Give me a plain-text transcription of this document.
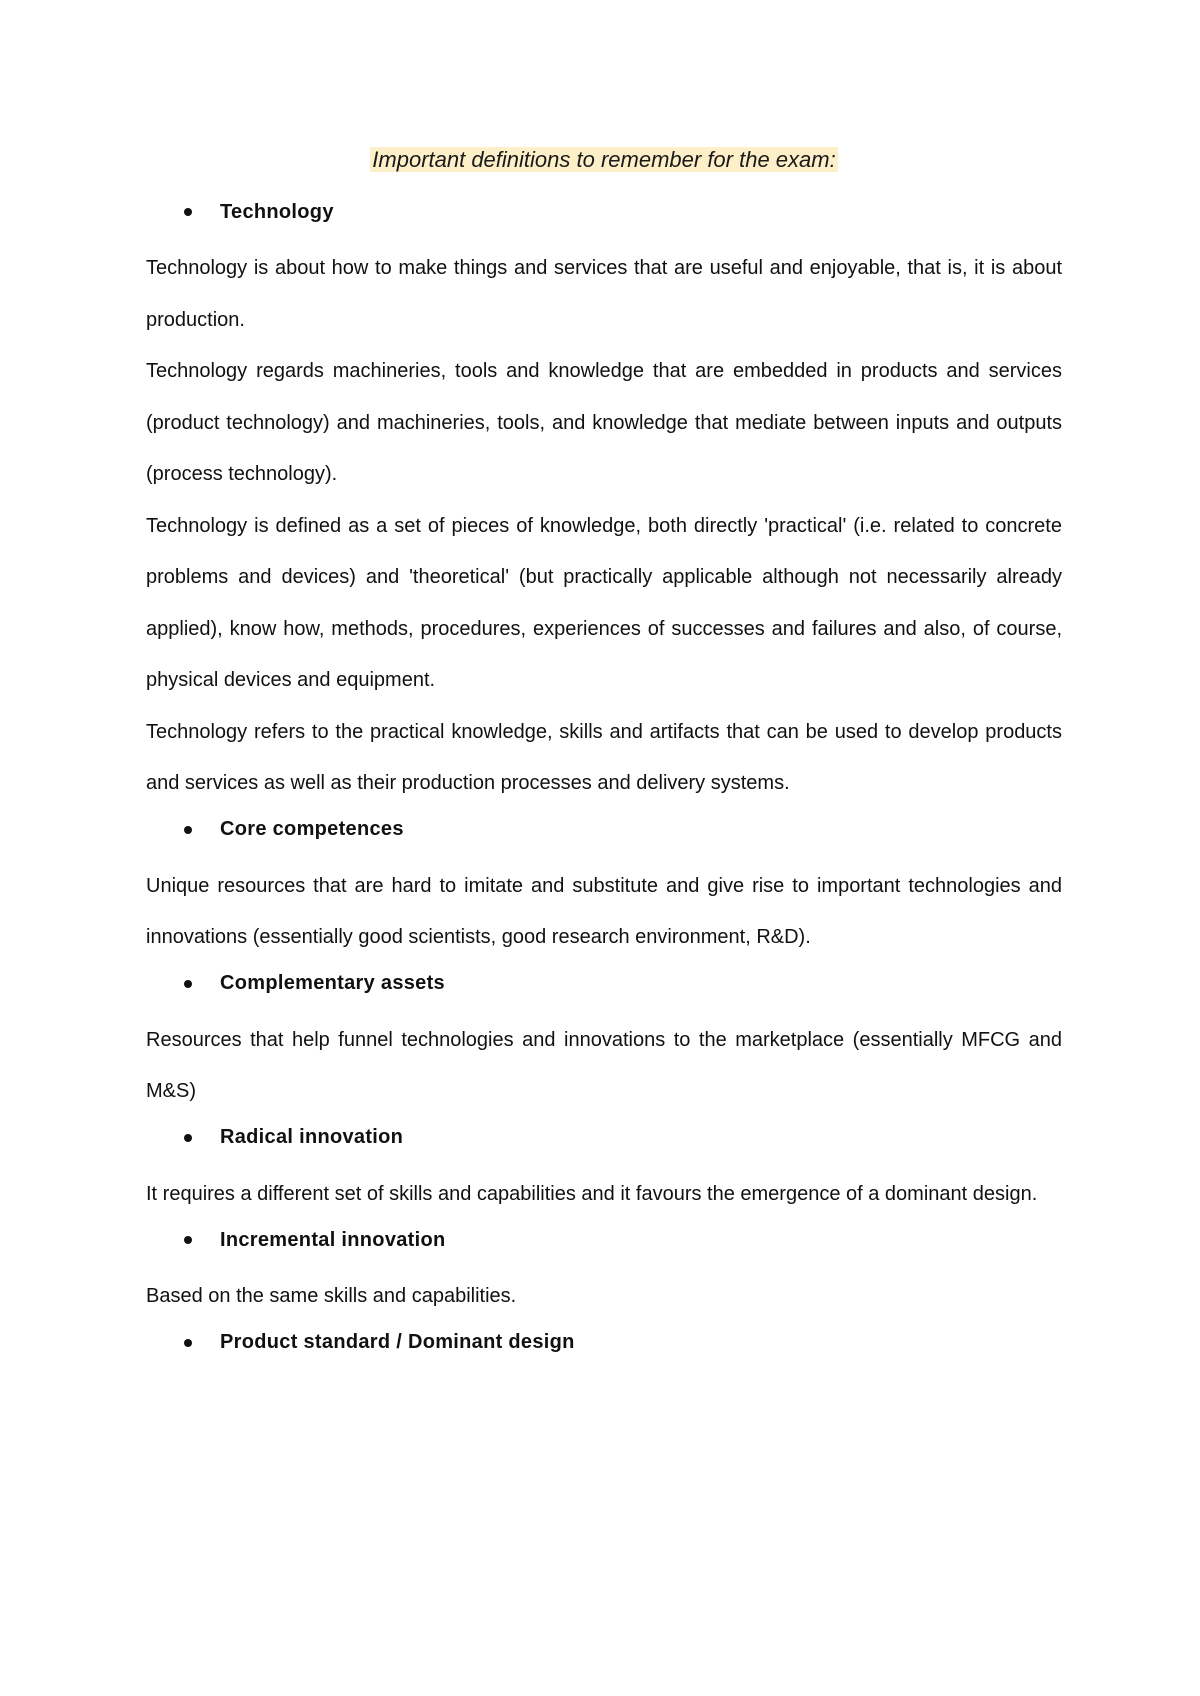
Important definitions to remember for the exam:
Technology

Technology is about how to make things and services that are useful and enjoyable, that is, it is about production.

Technology regards machineries, tools and knowledge that are embedded in products and services (product technology) and machineries, tools, and knowledge that mediate between inputs and outputs (process technology).

Technology is defined as a set of pieces of knowledge, both directly 'practical' (i.e. related to concrete problems and devices) and 'theoretical' (but practically applicable although not necessarily already applied), know how, methods, procedures, experiences of successes and failures and also, of course, physical devices and equipment.

Technology refers to the practical knowledge, skills and artifacts that can be used to develop products and services as well as their production processes and delivery systems.

Core competences

Unique resources that are hard to imitate and substitute and give rise to important technologies and innovations (essentially good scientists, good research environment, R&D).

Complementary assets

Resources that help funnel technologies and innovations to the marketplace (essentially MFCG and M&S)

Radical innovation

It requires a different set of skills and capabilities and it favours the emergence of a dominant design.

Incremental innovation

Based on the same skills and capabilities.

Product standard / Dominant design
